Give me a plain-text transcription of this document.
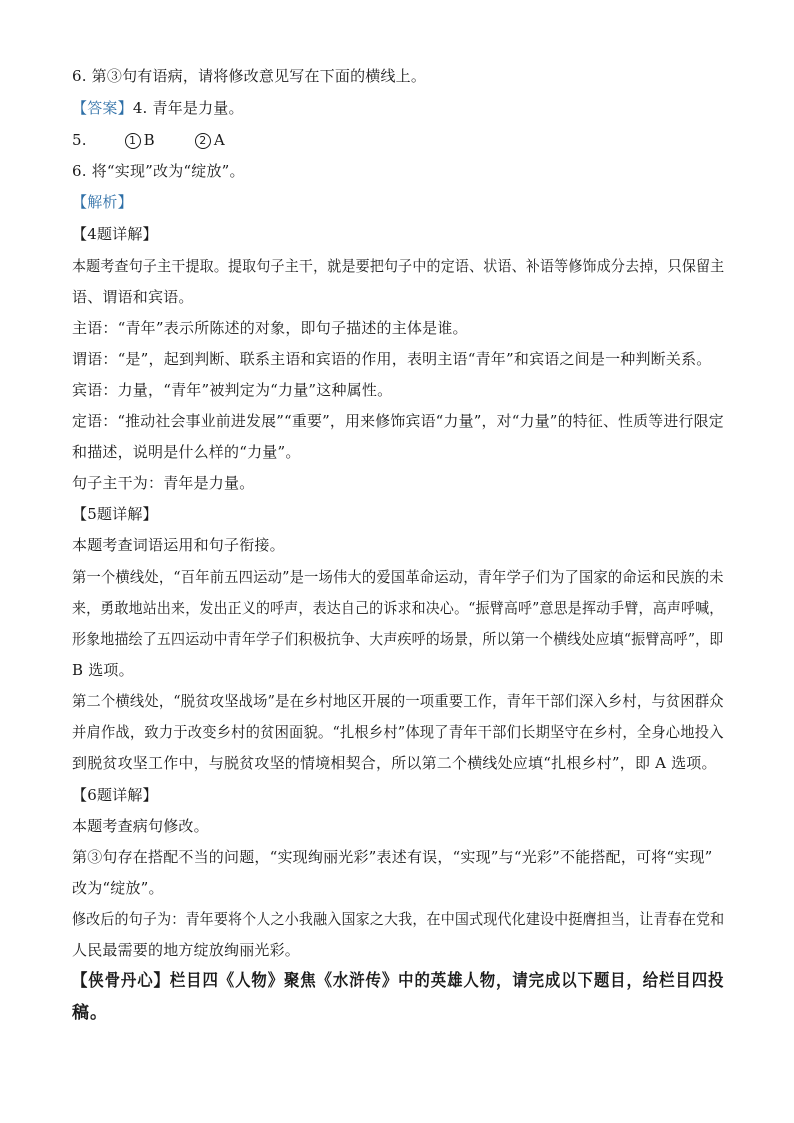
6. 第③句有语病，请将修改意见写在下面的横线上。
【答案】4. 青年是力量。
5.	1 B	2 A
6. 将“实现”改为“绽放”。
【解析】
【4题详解】
本题考查句子主干提取。提取句子主干，就是要把句子中的定语、状语、补语等修饰成分去掉，只保留主
语、谓语和宾语。
主语：“青年”表示所陈述的对象，即句子描述的主体是谁。
谓语：“是”，起到判断、联系主语和宾语的作用，表明主语“青年”和宾语之间是一种判断关系。
宾语：力量，“青年”被判定为“力量”这种属性。
定语：“推动社会事业前进发展”“重要”，用来修饰宾语“力量”，对“力量”的特征、性质等进行限定
和描述，说明是什么样的“力量”。
句子主干为：青年是力量。
【5题详解】
本题考查词语运用和句子衔接。
第一个横线处，“百年前五四运动”是一场伟大的爱国革命运动，青年学子们为了国家的命运和民族的未
来，勇敢地站出来，发出正义的呼声，表达自己的诉求和决心。“振臂高呼”意思是挥动手臂，高声呼喊，
形象地描绘了五四运动中青年学子们积极抗争、大声疾呼的场景，所以第一个横线处应填“振臂高呼”，即
B 选项。
第二个横线处，“脱贫攻坚战场”是在乡村地区开展的一项重要工作，青年干部们深入乡村，与贫困群众
并肩作战，致力于改变乡村的贫困面貌。“扎根乡村”体现了青年干部们长期坚守在乡村，全身心地投入
到脱贫攻坚工作中，与脱贫攻坚的情境相契合，所以第二个横线处应填“扎根乡村”，即 A 选项。
【6题详解】
本题考查病句修改。
第③句存在搭配不当的问题，“实现绚丽光彩”表述有误，“实现”与“光彩”不能搭配，可将“实现”
改为“绽放”。
修改后的句子为：青年要将个人之小我融入国家之大我，在中国式现代化建设中挺膺担当，让青春在党和
人民最需要的地方绽放绚丽光彩。
【侠骨丹心】栏目四《人物》聚焦《水浒传》中的英雄人物，请完成以下题目，给栏目四投
稿。
